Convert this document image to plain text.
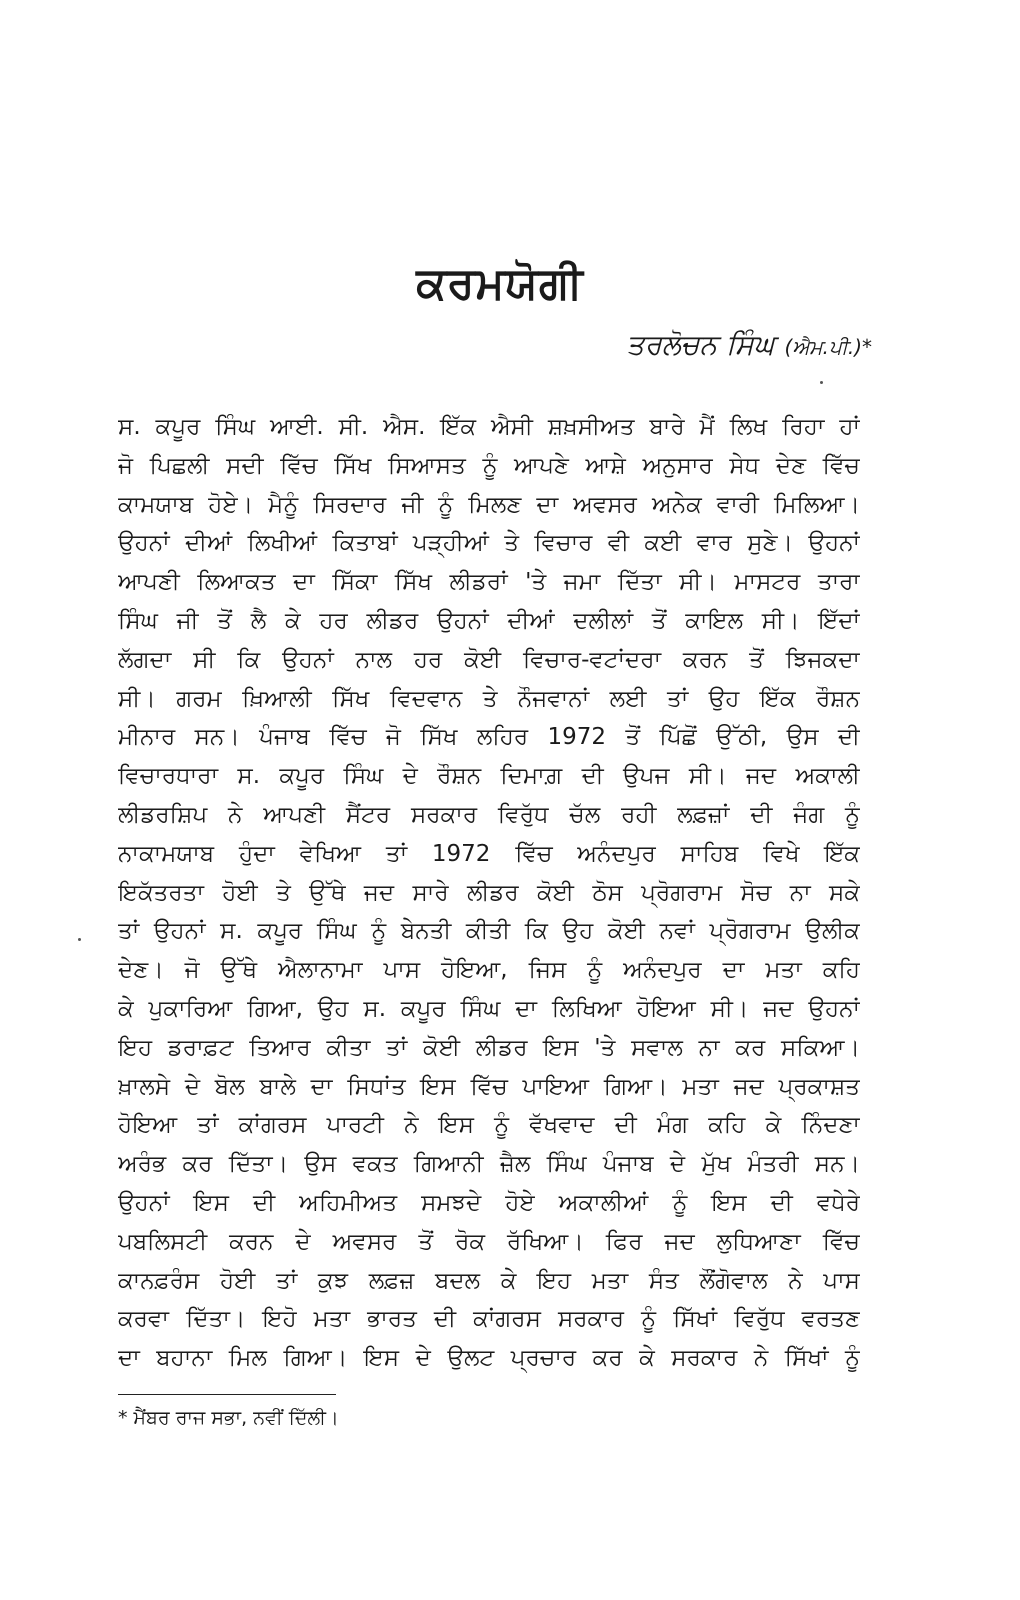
ਕਰਮਯੋਗੀ
ਤਰਲੋਚਨ ਸਿੰਘ (ਐਮ.ਪੀ.)*
ਸ. ਕਪੂਰ ਸਿੰਘ ਆਈ. ਸੀ. ਐਸ. ਇੱਕ ਐਸੀ ਸ਼ਖ਼ਸੀਅਤ ਬਾਰੇ ਮੈਂ ਲਿਖ ਰਿਹਾ ਹਾਂ
ਜੋ ਪਿਛਲੀ ਸਦੀ ਵਿੱਚ ਸਿੱਖ ਸਿਆਸਤ ਨੂੰ ਆਪਣੇ ਆਸ਼ੇ ਅਨੁਸਾਰ ਸੇਧ ਦੇਣ ਵਿੱਚ
ਕਾਮਯਾਬ ਹੋਏ। ਮੈਨੂੰ ਸਿਰਦਾਰ ਜੀ ਨੂੰ ਮਿਲਣ ਦਾ ਅਵਸਰ ਅਨੇਕ ਵਾਰੀ ਮਿਲਿਆ।
ਉਹਨਾਂ ਦੀਆਂ ਲਿਖੀਆਂ ਕਿਤਾਬਾਂ ਪੜ੍ਹੀਆਂ ਤੇ ਵਿਚਾਰ ਵੀ ਕਈ ਵਾਰ ਸੁਣੇ। ਉਹਨਾਂ
ਆਪਣੀ ਲਿਆਕਤ ਦਾ ਸਿੱਕਾ ਸਿੱਖ ਲੀਡਰਾਂ 'ਤੇ ਜਮਾ ਦਿੱਤਾ ਸੀ। ਮਾਸਟਰ ਤਾਰਾ
ਸਿੰਘ ਜੀ ਤੋਂ ਲੈ ਕੇ ਹਰ ਲੀਡਰ ਉਹਨਾਂ ਦੀਆਂ ਦਲੀਲਾਂ ਤੋਂ ਕਾਇਲ ਸੀ। ਇੱਦਾਂ
ਲੱਗਦਾ ਸੀ ਕਿ ਉਹਨਾਂ ਨਾਲ ਹਰ ਕੋਈ ਵਿਚਾਰ-ਵਟਾਂਦਰਾ ਕਰਨ ਤੋਂ ਝਿਜਕਦਾ
ਸੀ। ਗਰਮ ਖ਼ਿਆਲੀ ਸਿੱਖ ਵਿਦਵਾਨ ਤੇ ਨੌਜਵਾਨਾਂ ਲਈ ਤਾਂ ਉਹ ਇੱਕ ਰੌਸ਼ਨ
ਮੀਨਾਰ ਸਨ। ਪੰਜਾਬ ਵਿੱਚ ਜੋ ਸਿੱਖ ਲਹਿਰ 1972 ਤੋਂ ਪਿੱਛੋਂ ਉੱਠੀ, ਉਸ ਦੀ
ਵਿਚਾਰਧਾਰਾ ਸ. ਕਪੂਰ ਸਿੰਘ ਦੇ ਰੌਸ਼ਨ ਦਿਮਾਗ਼ ਦੀ ਉਪਜ ਸੀ। ਜਦ ਅਕਾਲੀ
ਲੀਡਰਸ਼ਿਪ ਨੇ ਆਪਣੀ ਸੈਂਟਰ ਸਰਕਾਰ ਵਿਰੁੱਧ ਚੱਲ ਰਹੀ ਲਫ਼ਜ਼ਾਂ ਦੀ ਜੰਗ ਨੂੰ
ਨਾਕਾਮਯਾਬ ਹੁੰਦਾ ਵੇਖਿਆ ਤਾਂ 1972 ਵਿੱਚ ਅਨੰਦਪੁਰ ਸਾਹਿਬ ਵਿਖੇ ਇੱਕ
ਇਕੱਤਰਤਾ ਹੋਈ ਤੇ ਉੱਥੇ ਜਦ ਸਾਰੇ ਲੀਡਰ ਕੋਈ ਠੋਸ ਪ੍ਰੋਗਰਾਮ ਸੋਚ ਨਾ ਸਕੇ
ਤਾਂ ਉਹਨਾਂ ਸ. ਕਪੂਰ ਸਿੰਘ ਨੂੰ ਬੇਨਤੀ ਕੀਤੀ ਕਿ ਉਹ ਕੋਈ ਨਵਾਂ ਪ੍ਰੋਗਰਾਮ ਉਲੀਕ
ਦੇਣ। ਜੋ ਉੱਥੇ ਐਲਾਨਾਮਾ ਪਾਸ ਹੋਇਆ, ਜਿਸ ਨੂੰ ਅਨੰਦਪੁਰ ਦਾ ਮਤਾ ਕਹਿ
ਕੇ ਪੁਕਾਰਿਆ ਗਿਆ, ਉਹ ਸ. ਕਪੂਰ ਸਿੰਘ ਦਾ ਲਿਖਿਆ ਹੋਇਆ ਸੀ। ਜਦ ਉਹਨਾਂ
ਇਹ ਡਰਾਫ਼ਟ ਤਿਆਰ ਕੀਤਾ ਤਾਂ ਕੋਈ ਲੀਡਰ ਇਸ 'ਤੇ ਸਵਾਲ ਨਾ ਕਰ ਸਕਿਆ।
ਖ਼ਾਲਸੇ ਦੇ ਬੋਲ ਬਾਲੇ ਦਾ ਸਿਧਾਂਤ ਇਸ ਵਿੱਚ ਪਾਇਆ ਗਿਆ। ਮਤਾ ਜਦ ਪ੍ਰਕਾਸ਼ਤ
ਹੋਇਆ ਤਾਂ ਕਾਂਗਰਸ ਪਾਰਟੀ ਨੇ ਇਸ ਨੂੰ ਵੱਖਵਾਦ ਦੀ ਮੰਗ ਕਹਿ ਕੇ ਨਿੰਦਣਾ
ਅਰੰਭ ਕਰ ਦਿੱਤਾ। ਉਸ ਵਕਤ ਗਿਆਨੀ ਜ਼ੈਲ ਸਿੰਘ ਪੰਜਾਬ ਦੇ ਮੁੱਖ ਮੰਤਰੀ ਸਨ।
ਉਹਨਾਂ ਇਸ ਦੀ ਅਹਿਮੀਅਤ ਸਮਝਦੇ ਹੋਏ ਅਕਾਲੀਆਂ ਨੂੰ ਇਸ ਦੀ ਵਧੇਰੇ
ਪਬਲਿਸਟੀ ਕਰਨ ਦੇ ਅਵਸਰ ਤੋਂ ਰੋਕ ਰੱਖਿਆ। ਫਿਰ ਜਦ ਲੁਧਿਆਣਾ ਵਿੱਚ
ਕਾਨਫ਼ਰੰਸ ਹੋਈ ਤਾਂ ਕੁਝ ਲਫ਼ਜ਼ ਬਦਲ ਕੇ ਇਹ ਮਤਾ ਸੰਤ ਲੌਂਗੋਵਾਲ ਨੇ ਪਾਸ
ਕਰਵਾ ਦਿੱਤਾ। ਇਹੋ ਮਤਾ ਭਾਰਤ ਦੀ ਕਾਂਗਰਸ ਸਰਕਾਰ ਨੂੰ ਸਿੱਖਾਂ ਵਿਰੁੱਧ ਵਰਤਣ
ਦਾ ਬਹਾਨਾ ਮਿਲ ਗਿਆ। ਇਸ ਦੇ ਉਲਟ ਪ੍ਰਚਾਰ ਕਰ ਕੇ ਸਰਕਾਰ ਨੇ ਸਿੱਖਾਂ ਨੂੰ
* ਮੈਂਬਰ ਰਾਜ ਸਭਾ, ਨਵੀਂ ਦਿੱਲੀ।
